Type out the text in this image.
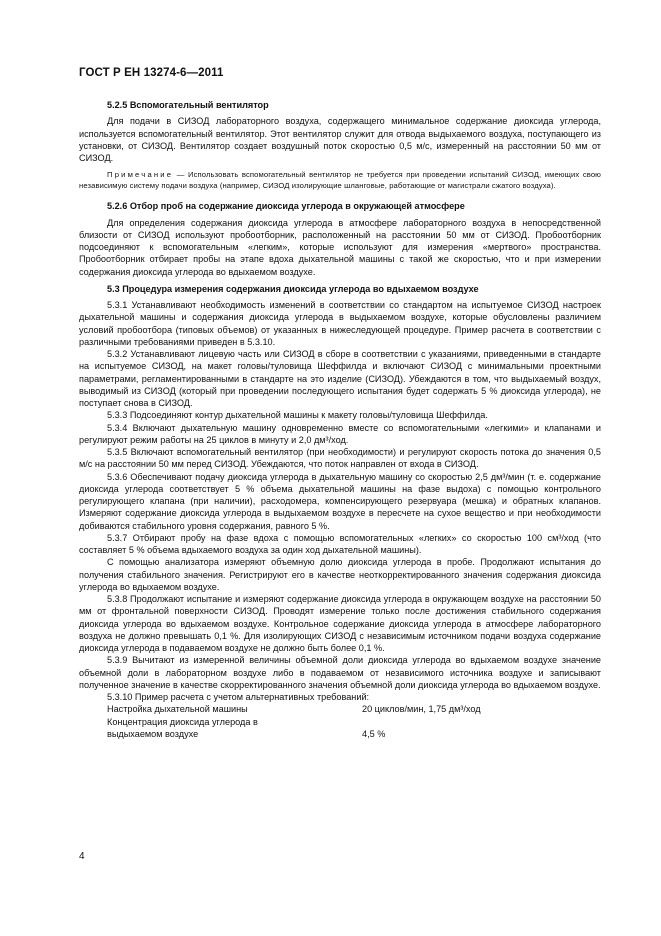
ГОСТ Р ЕН 13274-6—2011

5.2.5 Вспомогательный вентилятор

Для подачи в СИЗОД лабораторного воздуха, содержащего минимальное содержание диоксида углерода, используется вспомогательный вентилятор. Этот вентилятор служит для отвода выдыхаемого воздуха, поступающего из установки, от СИЗОД. Вентилятор создает воздушный поток скоростью 0,5 м/с, измеренный на расстоянии 50 мм от СИЗОД.

Примечание — Использовать вспомогательный вентилятор не требуется при проведении испытаний СИЗОД, имеющих свою независимую систему подачи воздуха (например, СИЗОД изолирующие шланговые, работающие от магистрали сжатого воздуха).

5.2.6 Отбор проб на содержание диоксида углерода в окружающей атмосфере

Для определения содержания диоксида углерода в атмосфере лабораторного воздуха в непосредственной близости от СИЗОД используют пробоотборник, расположенный на расстоянии 50 мм от СИЗОД. Пробоотборник подсоединяют к вспомогательным «легким», которые используют для измерения «мертвого» пространства. Пробоотборник отбирает пробы на этапе вдоха дыхательной машины с такой же скоростью, что и при измерении содержания диоксида углерода во вдыхаемом воздухе.

5.3 Процедура измерения содержания диоксида углерода во вдыхаемом воздухе

5.3.1 Устанавливают необходимость изменений в соответствии со стандартом на испытуемое СИЗОД настроек дыхательной машины и содержания диоксида углерода в выдыхаемом воздухе, которые обусловлены различием условий пробоотбора (типовых объемов) от указанных в нижеследующей процедуре. Пример расчета в соответствии с различными требованиями приведен в 5.3.10.

5.3.2 Устанавливают лицевую часть или СИЗОД в сборе в соответствии с указаниями, приведенными в стандарте на испытуемое СИЗОД, на макет головы/туловища Шеффилда и включают СИЗОД с минимальными проектными параметрами, регламентированными в стандарте на это изделие (СИЗОД). Убеждаются в том, что выдыхаемый воздух, выводимый из СИЗОД (который при проведении последующего испытания будет содержать 5 % диоксида углерода), не поступает снова в СИЗОД.

5.3.3 Подсоединяют контур дыхательной машины к макету головы/туловища Шеффилда.

5.3.4 Включают дыхательную машину одновременно вместе со вспомогательными «легкими» и клапанами и регулируют режим работы на 25 циклов в минуту и 2,0 дм³/ход.

5.3.5 Включают вспомогательный вентилятор (при необходимости) и регулируют скорость потока до значения 0,5 м/с на расстоянии 50 мм перед СИЗОД. Убеждаются, что поток направлен от входа в СИЗОД.

5.3.6 Обеспечивают подачу диоксида углерода в дыхательную машину со скоростью 2,5 дм³/мин (т. е. содержание диоксида углерода соответствует 5 % объема дыхательной машины на фазе выдоха) с помощью контрольного регулирующего клапана (при наличии), расходомера, компенсирующего резервуара (мешка) и обратных клапанов. Измеряют содержание диоксида углерода в выдыхаемом воздухе в пересчете на сухое вещество и при необходимости добиваются стабильного уровня содержания, равного 5 %.

5.3.7 Отбирают пробу на фазе вдоха с помощью вспомогательных «легких» со скоростью 100 см³/ход (что составляет 5 % объема вдыхаемого воздуха за один ход дыхательной машины).

С помощью анализатора измеряют объемную долю диоксида углерода в пробе. Продолжают испытания до получения стабильного значения. Регистрируют его в качестве неоткорректированного значения содержания диоксида углерода во вдыхаемом воздухе.

5.3.8 Продолжают испытание и измеряют содержание диоксида углерода в окружающем воздухе на расстоянии 50 мм от фронтальной поверхности СИЗОД. Проводят измерение только после достижения стабильного содержания диоксида углерода во вдыхаемом воздухе. Контрольное содержание диоксида углерода в атмосфере лабораторного воздуха не должно превышать 0,1 %. Для изолирующих СИЗОД с независимым источником подачи воздуха содержание диоксида углерода в подаваемом воздухе не должно быть более 0,1 %.

5.3.9 Вычитают из измеренной величины объемной доли диоксида углерода во вдыхаемом воздухе значение объемной доли в лабораторном воздухе либо в подаваемом от независимого источника воздухе и записывают полученное значение в качестве скорректированного значения объемной доли диоксида углерода во вдыхаемом воздухе.

5.3.10 Пример расчета с учетом альтернативных требований:

Настройка дыхательной машины	20 циклов/мин, 1,75 дм³/ход
Концентрация диоксида углерода в
выдыхаемом воздухе	4,5 %
4
